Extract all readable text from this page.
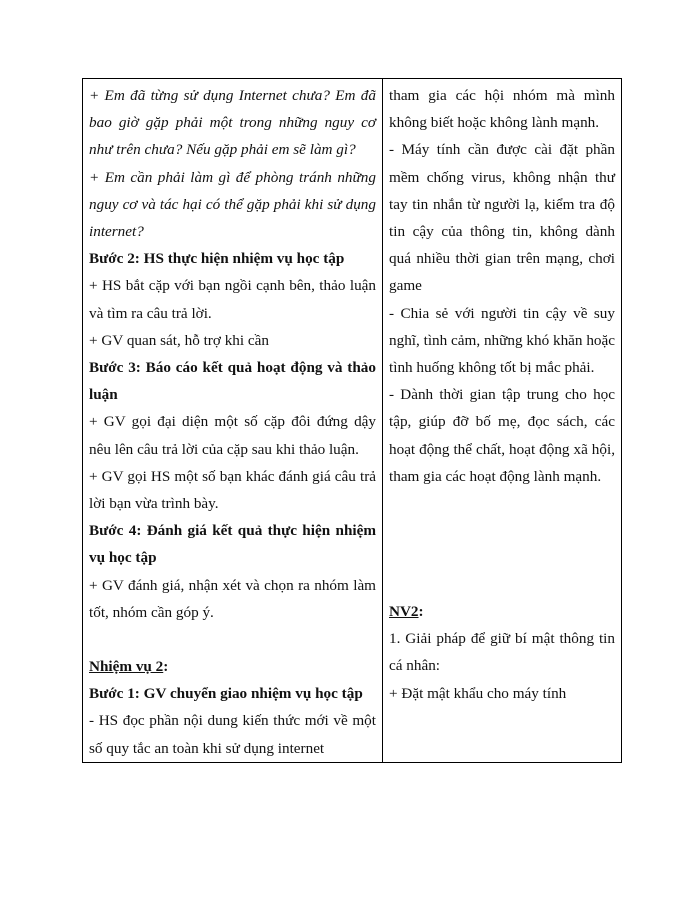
+ Em đã từng sử dụng Internet chưa? Em đã bao giờ gặp phải một trong những nguy cơ như trên chưa? Nếu gặp phải em sẽ làm gì?

+ Em cần phải làm gì để phòng tránh những nguy cơ và tác hại có thể gặp phải khi sử dụng internet?

Bước 2: HS thực hiện nhiệm vụ học tập

+ HS bắt cặp với bạn ngồi cạnh bên, thảo luận và tìm ra câu trả lời.

+ GV quan sát, hỗ trợ khi cần

Bước 3: Báo cáo kết quả hoạt động và thảo luận

+ GV gọi đại diện một số cặp đôi đứng dậy nêu lên câu trả lời của cặp sau khi thảo luận.

+ GV gọi HS một số bạn khác đánh giá câu trả lời bạn vừa trình bày.

Bước 4: Đánh giá kết quả thực hiện nhiệm vụ học tập

+ GV đánh giá, nhận xét và chọn ra nhóm làm tốt, nhóm cần góp ý.

Nhiệm vụ 2:

Bước 1: GV chuyển giao nhiệm vụ học tập

- HS đọc phần nội dung kiến thức mới về một số quy tắc an toàn khi sử dụng internet

tham gia các hội nhóm mà mình không biết hoặc không lành mạnh.

- Máy tính cần được cài đặt phần mềm chống virus, không nhận thư tay tin nhắn từ người lạ, kiểm tra độ tin cậy của thông tin, không dành quá nhiều thời gian trên mạng, chơi game

- Chia sẻ với người tin cậy về suy nghĩ, tình cảm, những khó khăn hoặc tình huống không tốt bị mắc phải.

- Dành thời gian tập trung cho học tập, giúp đỡ bố mẹ, đọc sách, các hoạt động thể chất, hoạt động xã hội, tham gia các hoạt động lành mạnh.

NV2:

1. Giải pháp để giữ bí mật thông tin cá nhân:

+ Đặt mật khẩu cho máy tính
